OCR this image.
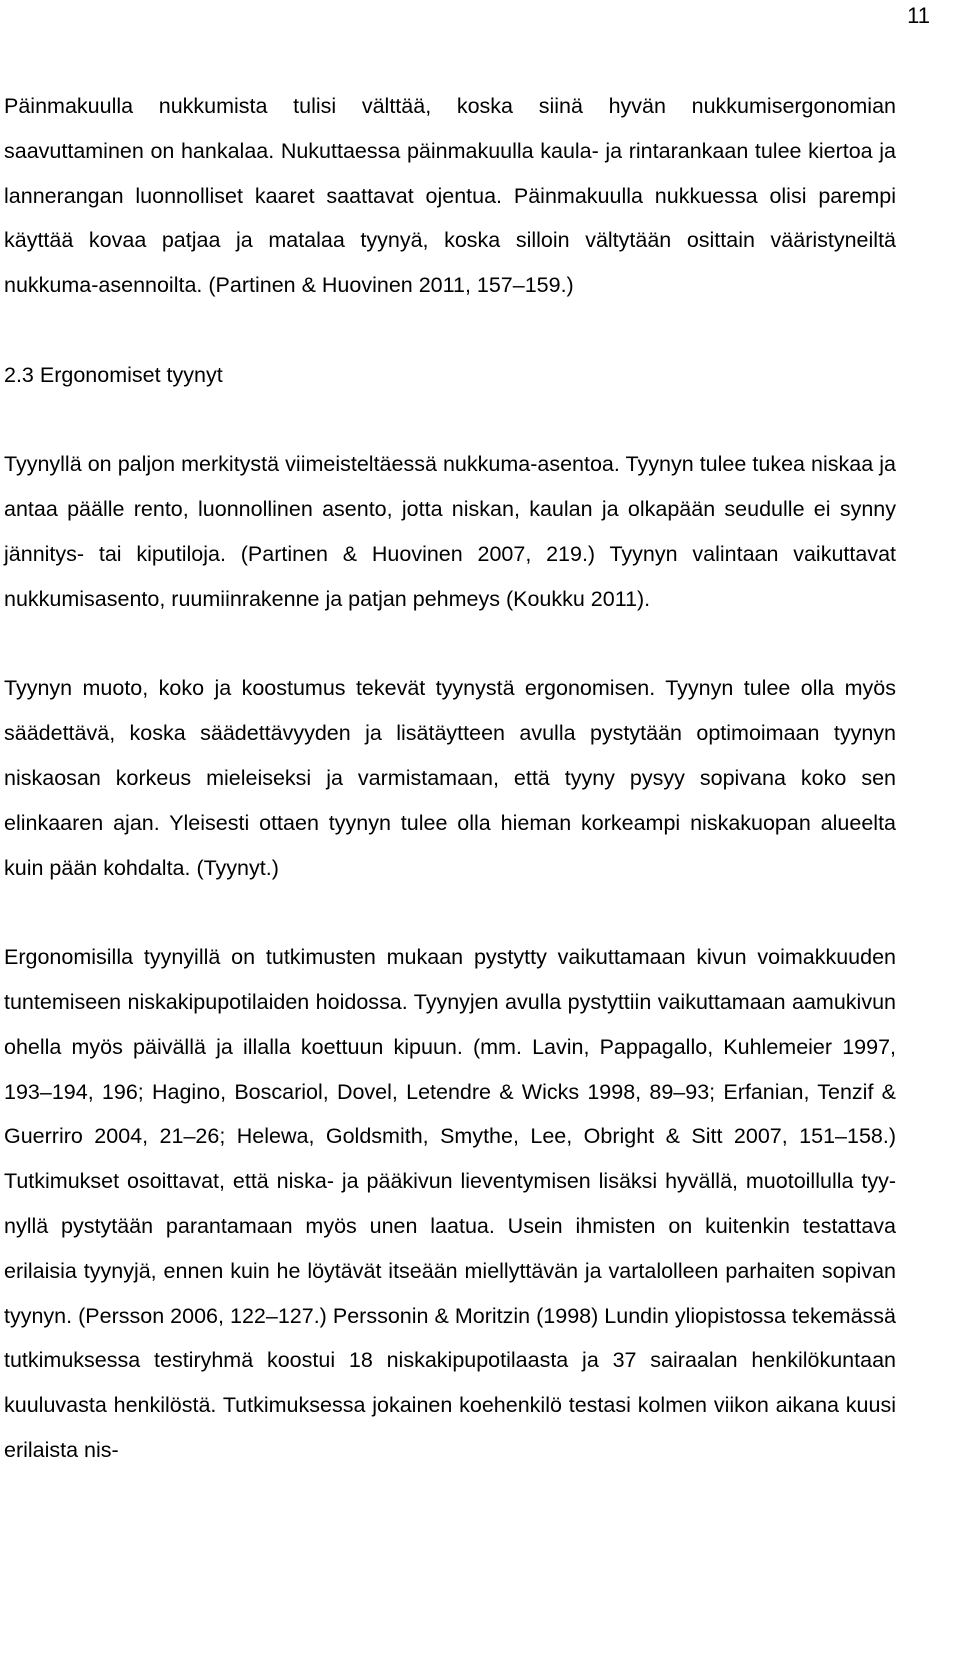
11

Päinmakuulla nukkumista tulisi välttää, koska siinä hyvän nukkumisergonomian saavuttaminen on hankalaa. Nukuttaessa päinmakuulla kaula- ja rintarankaan tulee kiertoa ja lannerangan luonnolliset kaaret saattavat ojentua. Päinmakuulla nukkuessa olisi parempi käyttää kovaa patjaa ja matalaa tyynyä, koska silloin vältytään osittain vääristyneiltä nukkuma-asennoilta. (Partinen & Huovinen 2011, 157–159.)

2.3 Ergonomiset tyynyt

Tyynyllä on paljon merkitystä viimeisteltäessä nukkuma-asentoa. Tyynyn tulee tukea niskaa ja antaa päälle rento, luonnollinen asento, jotta niskan, kaulan ja olkapään seudulle ei synny jännitys- tai kiputiloja. (Partinen & Huovinen 2007, 219.) Tyynyn valintaan vaikuttavat nukkumisasento, ruumiinrakenne ja patjan pehmeys (Koukku 2011).

Tyynyn muoto, koko ja koostumus tekevät tyynystä ergonomisen. Tyynyn tulee olla myös säädettävä, koska säädettävyyden ja lisätäytteen avulla pystytään optimoimaan tyynyn niskaosan korkeus mieleiseksi ja varmistamaan, että tyyny pysyy sopivana koko sen elinkaaren ajan. Yleisesti ottaen tyynyn tulee olla hieman korkeampi niskakuopan alueelta kuin pään kohdalta. (Tyynyt.)

Ergonomisilla tyynyillä on tutkimusten mukaan pystytty vaikuttamaan kivun voimakkuuden tuntemiseen niskakipupotilaiden hoidossa. Tyynyjen avulla pystyttiin vaikuttamaan aamukivun ohella myös päivällä ja illalla koettuun kipuun. (mm. Lavin, Pappagallo, Kuhlemeier 1997, 193–194, 196; Hagino, Boscariol, Dovel, Letendre & Wicks 1998, 89–93; Erfanian, Tenzif & Guerriro 2004, 21–26; Helewa, Goldsmith, Smythe, Lee, Obright & Sitt 2007, 151–158.) Tutkimukset osoittavat, että niska- ja pääkivun lieventymisen lisäksi hyvällä, muotoillulla tyynyllä pystytään parantamaan myös unen laatua. Usein ihmisten on kuitenkin testattava erilaisia tyynyjä, ennen kuin he löytävät itseään miellyttävän ja vartalolleen parhaiten sopivan tyynyn. (Persson 2006, 122–127.) Perssonin & Moritzin (1998) Lundin yliopistossa tekemässä tutkimuksessa testiryhmä koostui 18 niskakipupotilaasta ja 37 sairaalan henkilökuntaan kuuluvasta henkilöstä. Tutkimuksessa jokainen koehenkilö testasi kolmen viikon aikana kuusi erilaista nis-
